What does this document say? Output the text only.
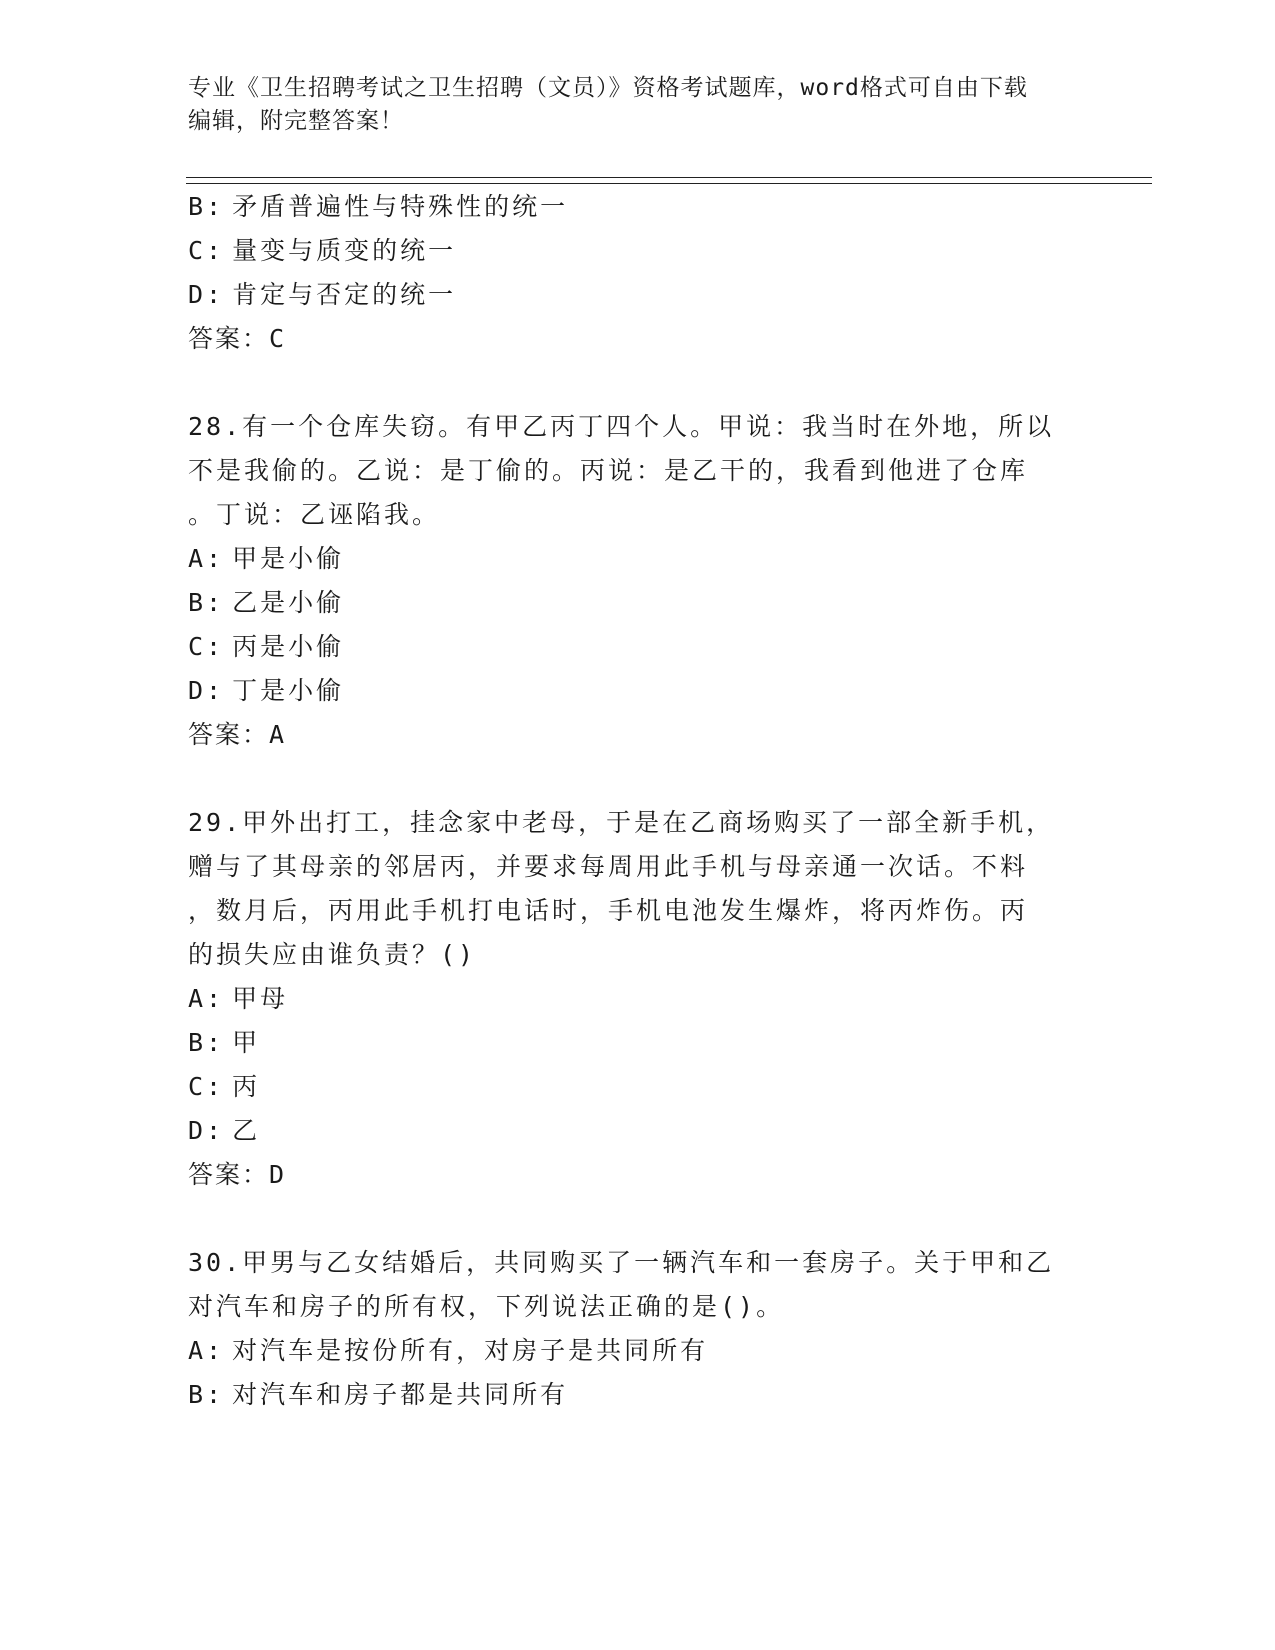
专业《卫生招聘考试之卫生招聘（文员）》资格考试题库，word格式可自由下载
编辑，附完整答案！
B: 矛盾普遍性与特殊性的统一
C: 量变与质变的统一
D: 肯定与否定的统一
答案：C
28.有一个仓库失窃。有甲乙丙丁四个人。甲说：我当时在外地，所以
不是我偷的。乙说：是丁偷的。丙说：是乙干的，我看到他进了仓库
。丁说：乙诬陷我。
A: 甲是小偷
B: 乙是小偷
C: 丙是小偷
D: 丁是小偷
答案：A
29.甲外出打工，挂念家中老母，于是在乙商场购买了一部全新手机，
赠与了其母亲的邻居丙，并要求每周用此手机与母亲通一次话。不料
，数月后，丙用此手机打电话时，手机电池发生爆炸，将丙炸伤。丙
的损失应由谁负责？()
A: 甲母
B: 甲
C: 丙
D: 乙
答案：D
30.甲男与乙女结婚后，共同购买了一辆汽车和一套房子。关于甲和乙
对汽车和房子的所有权，下列说法正确的是()。
A: 对汽车是按份所有，对房子是共同所有
B: 对汽车和房子都是共同所有
